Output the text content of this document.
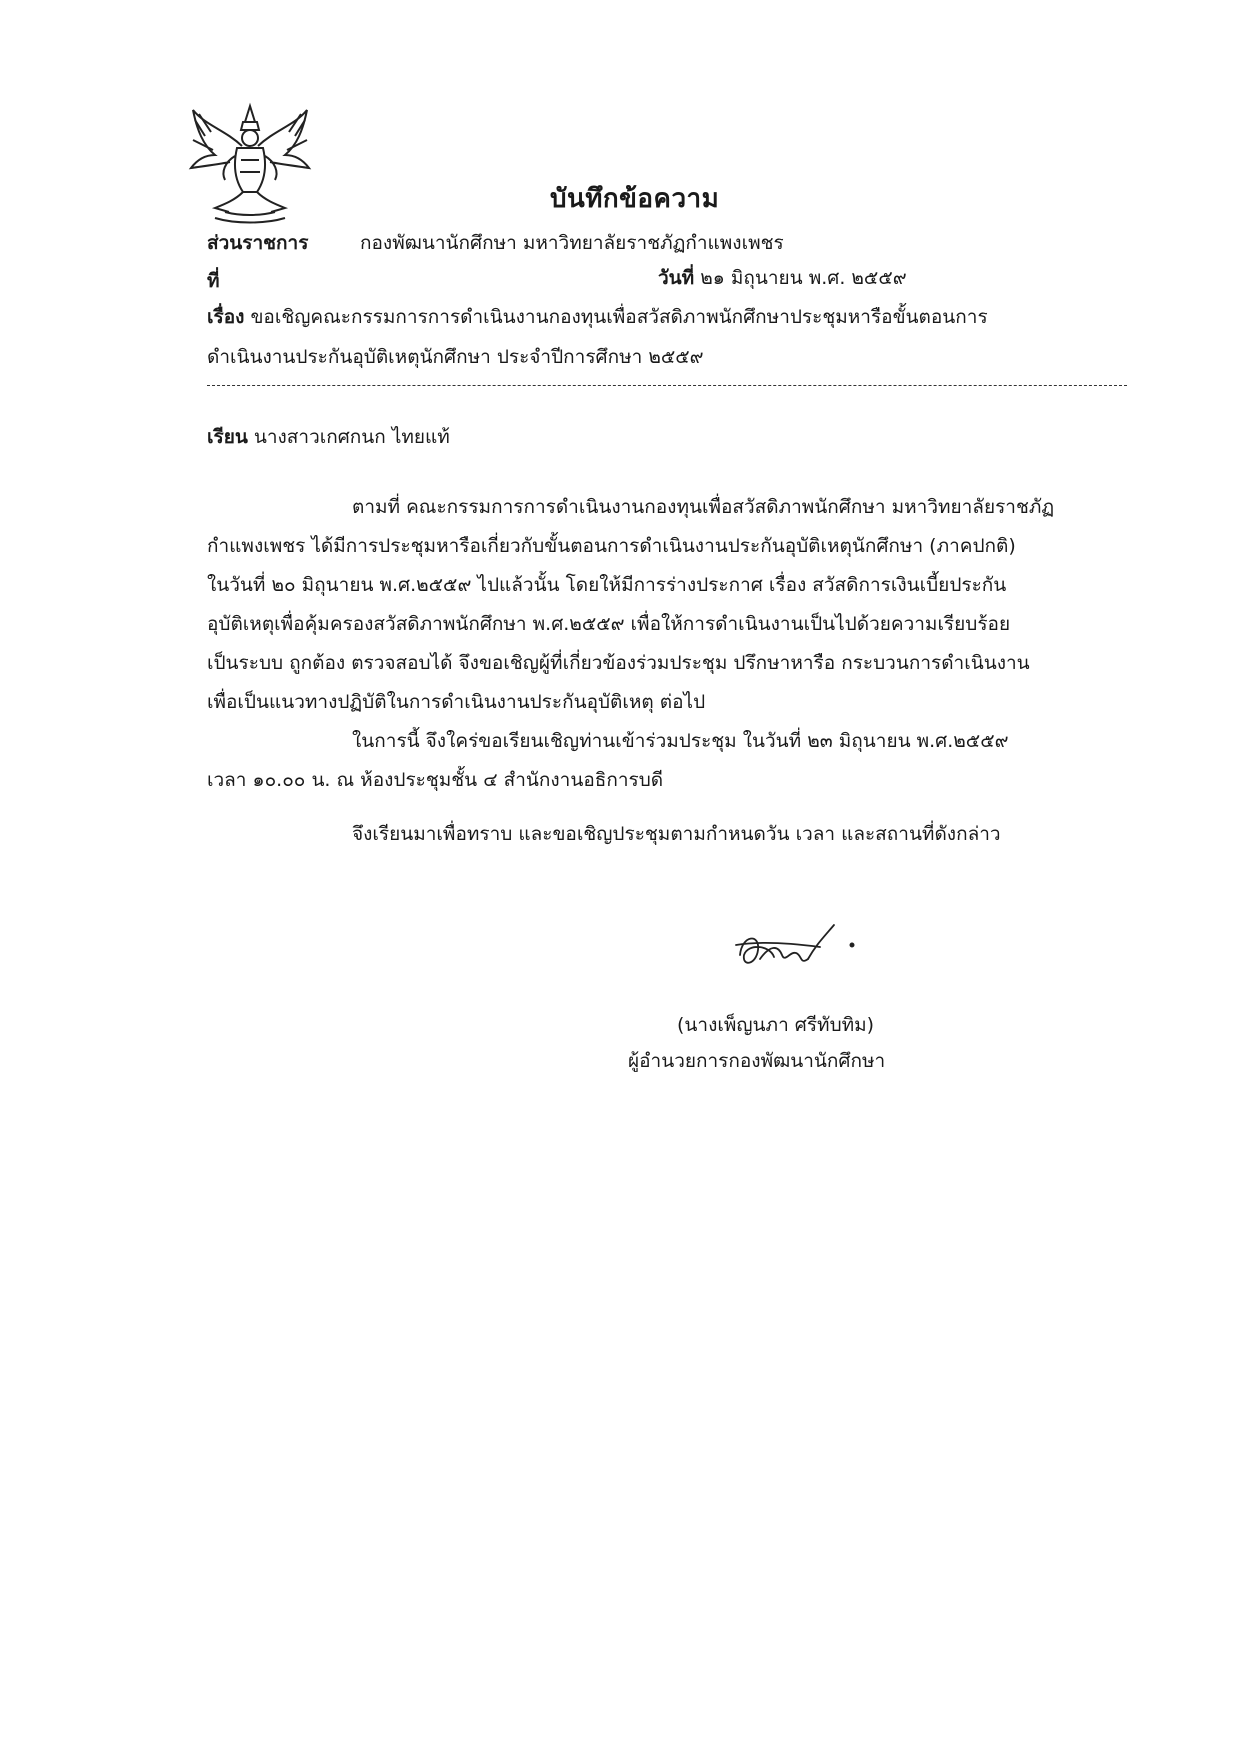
บันทึกข้อความ
ส่วนราชการ	กองพัฒนานักศึกษา มหาวิทยาลัยราชภัฏกำแพงเพชร
ที่	วันที่ ๒๑ มิถุนายน พ.ศ. ๒๕๕๙
เรื่อง ขอเชิญคณะกรรมการการดำเนินงานกองทุนเพื่อสวัสดิภาพนักศึกษาประชุมหารือขั้นตอนการ
ดำเนินงานประกันอุบัติเหตุนักศึกษา ประจำปีการศึกษา ๒๕๕๙
เรียน นางสาวเกศกนก ไทยแท้
ตามที่ คณะกรรมการการดำเนินงานกองทุนเพื่อสวัสดิภาพนักศึกษา มหาวิทยาลัยราชภัฏ
กำแพงเพชร ได้มีการประชุมหารือเกี่ยวกับขั้นตอนการดำเนินงานประกันอุบัติเหตุนักศึกษา (ภาคปกติ)
ในวันที่ ๒๐ มิถุนายน พ.ศ.๒๕๕๙ ไปแล้วนั้น โดยให้มีการร่างประกาศ เรื่อง สวัสดิการเงินเบี้ยประกัน
อุบัติเหตุเพื่อคุ้มครองสวัสดิภาพนักศึกษา พ.ศ.๒๕๕๙ เพื่อให้การดำเนินงานเป็นไปด้วยความเรียบร้อย
เป็นระบบ ถูกต้อง ตรวจสอบได้ จึงขอเชิญผู้ที่เกี่ยวข้องร่วมประชุม ปรึกษาหารือ กระบวนการดำเนินงาน
เพื่อเป็นแนวทางปฏิบัติในการดำเนินงานประกันอุบัติเหตุ ต่อไป
ในการนี้ จึงใคร่ขอเรียนเชิญท่านเข้าร่วมประชุม ในวันที่ ๒๓ มิถุนายน พ.ศ.๒๕๕๙
เวลา ๑๐.๐๐ น. ณ ห้องประชุมชั้น ๔ สำนักงานอธิการบดี
จึงเรียนมาเพื่อทราบ และขอเชิญประชุมตามกำหนดวัน เวลา และสถานที่ดังกล่าว
(นางเพ็ญนภา ศรีทับทิม)
ผู้อำนวยการกองพัฒนานักศึกษา
